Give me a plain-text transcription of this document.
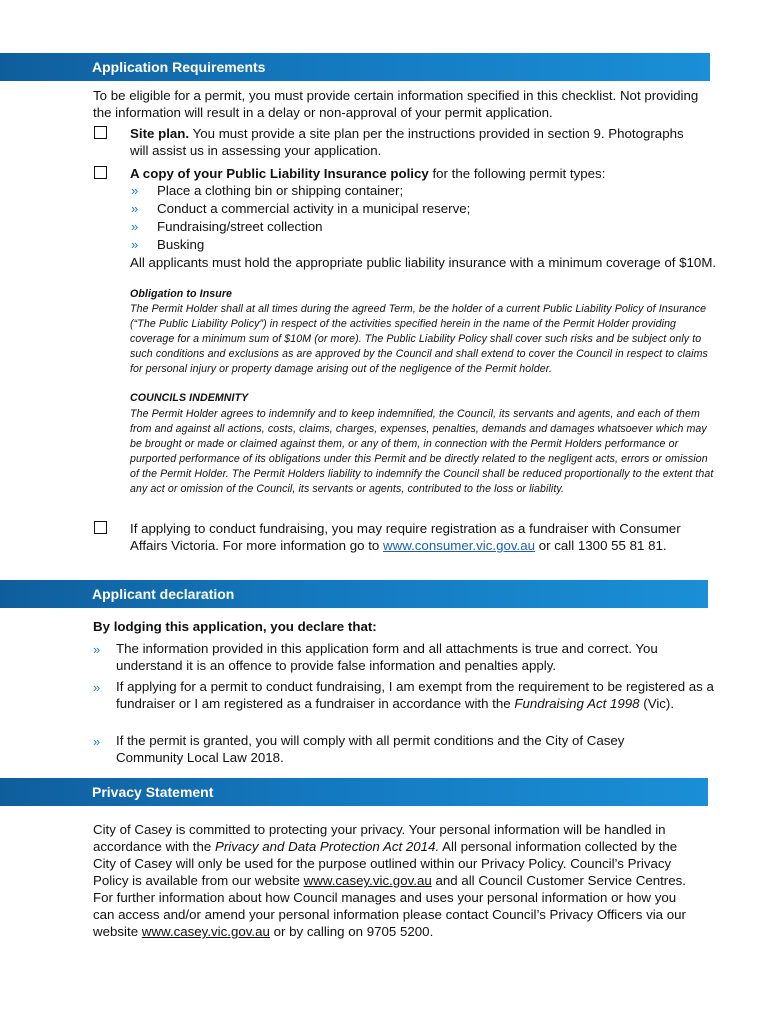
Application Requirements
To be eligible for a permit, you must provide certain information specified in this checklist. Not providing the information will result in a delay or non-approval of your permit application.
Site plan. You must provide a site plan per the instructions provided in section 9. Photographs will assist us in assessing your application.
A copy of your Public Liability Insurance policy for the following permit types:
» Place a clothing bin or shipping container;
» Conduct a commercial activity in a municipal reserve;
» Fundraising/street collection
» Busking
All applicants must hold the appropriate public liability insurance with a minimum coverage of $10M.
Obligation to Insure
The Permit Holder shall at all times during the agreed Term, be the holder of a current Public Liability Policy of Insurance (“The Public Liability Policy”) in respect of the activities specified herein in the name of the Permit Holder providing coverage for a minimum sum of $10M (or more). The Public Liability Policy shall cover such risks and be subject only to such conditions and exclusions as are approved by the Council and shall extend to cover the Council in respect to claims for personal injury or property damage arising out of the negligence of the Permit holder.
COUNCILS INDEMNITY
The Permit Holder agrees to indemnify and to keep indemnified, the Council, its servants and agents, and each of them from and against all actions, costs, claims, charges, expenses, penalties, demands and damages whatsoever which may be brought or made or claimed against them, or any of them, in connection with the Permit Holders performance or purported performance of its obligations under this Permit and be directly related to the negligent acts, errors or omission of the Permit Holder. The Permit Holders liability to indemnify the Council shall be reduced proportionally to the extent that any act or omission of the Council, its servants or agents, contributed to the loss or liability.
If applying to conduct fundraising, you may require registration as a fundraiser with Consumer Affairs Victoria. For more information go to www.consumer.vic.gov.au or call 1300 55 81 81.
Applicant declaration
By lodging this application, you declare that:
» The information provided in this application form and all attachments is true and correct. You understand it is an offence to provide false information and penalties apply.
» If applying for a permit to conduct fundraising, I am exempt from the requirement to be registered as a fundraiser or I am registered as a fundraiser in accordance with the Fundraising Act 1998 (Vic).
» If the permit is granted, you will comply with all permit conditions and the City of Casey Community Local Law 2018.
Privacy Statement
City of Casey is committed to protecting your privacy. Your personal information will be handled in accordance with the Privacy and Data Protection Act 2014. All personal information collected by the City of Casey will only be used for the purpose outlined within our Privacy Policy. Council’s Privacy Policy is available from our website www.casey.vic.gov.au and all Council Customer Service Centres. For further information about how Council manages and uses your personal information or how you can access and/or amend your personal information please contact Council’s Privacy Officers via our website www.casey.vic.gov.au or by calling on 9705 5200.
